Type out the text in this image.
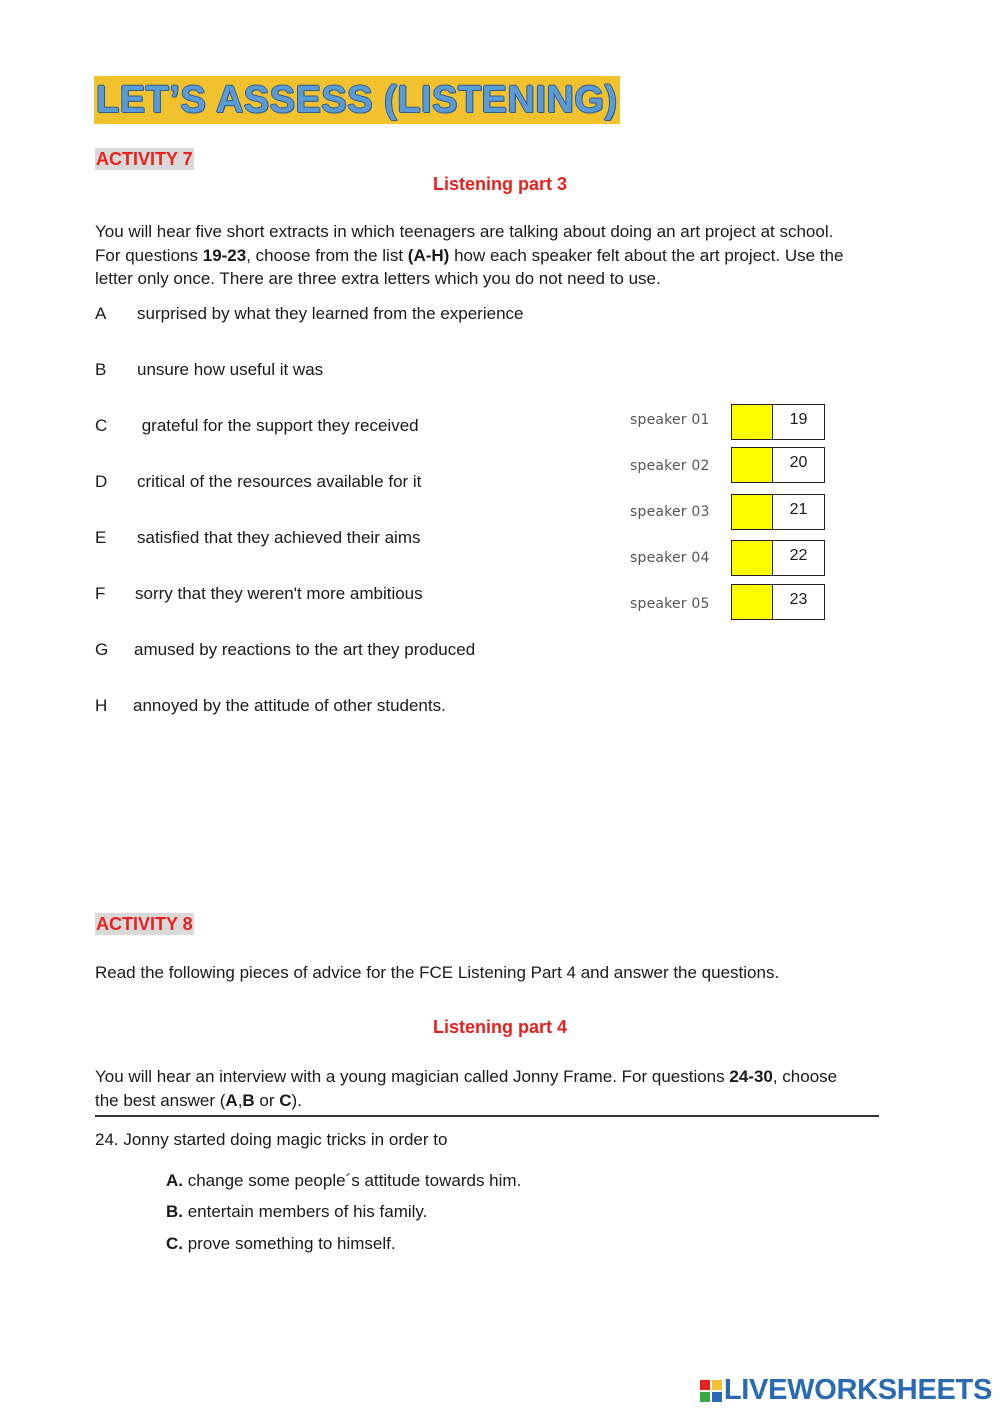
LET’S ASSESS (LISTENING)
ACTIVITY 7
Listening part 3
You will hear five short extracts in which teenagers are talking about doing an art project at school.
For questions 19-23, choose from the list (A-H) how each speaker felt about the art project. Use the
letter only once. There are three extra letters which you do not need to use.
A surprised by what they learned from the experience
B unsure how useful it was
C grateful for the support they received
D critical of the resources available for it
E satisfied that they achieved their aims
F sorry that they weren't more ambitious
G amused by reactions to the art they produced
H annoyed by the attitude of other students.
speaker 01	19
speaker 02	20
speaker 03	21
speaker 04	22
speaker 05	23
ACTIVITY 8
Read the following pieces of advice for the FCE Listening Part 4 and answer the questions.
Listening part 4
You will hear an interview with a young magician called Jonny Frame. For questions 24-30, choose
the best answer (A,B or C).
24. Jonny started doing magic tricks in order to
A. change some people´s attitude towards him.
B. entertain members of his family.
C. prove something to himself.
LIVEWORKSHEETS
